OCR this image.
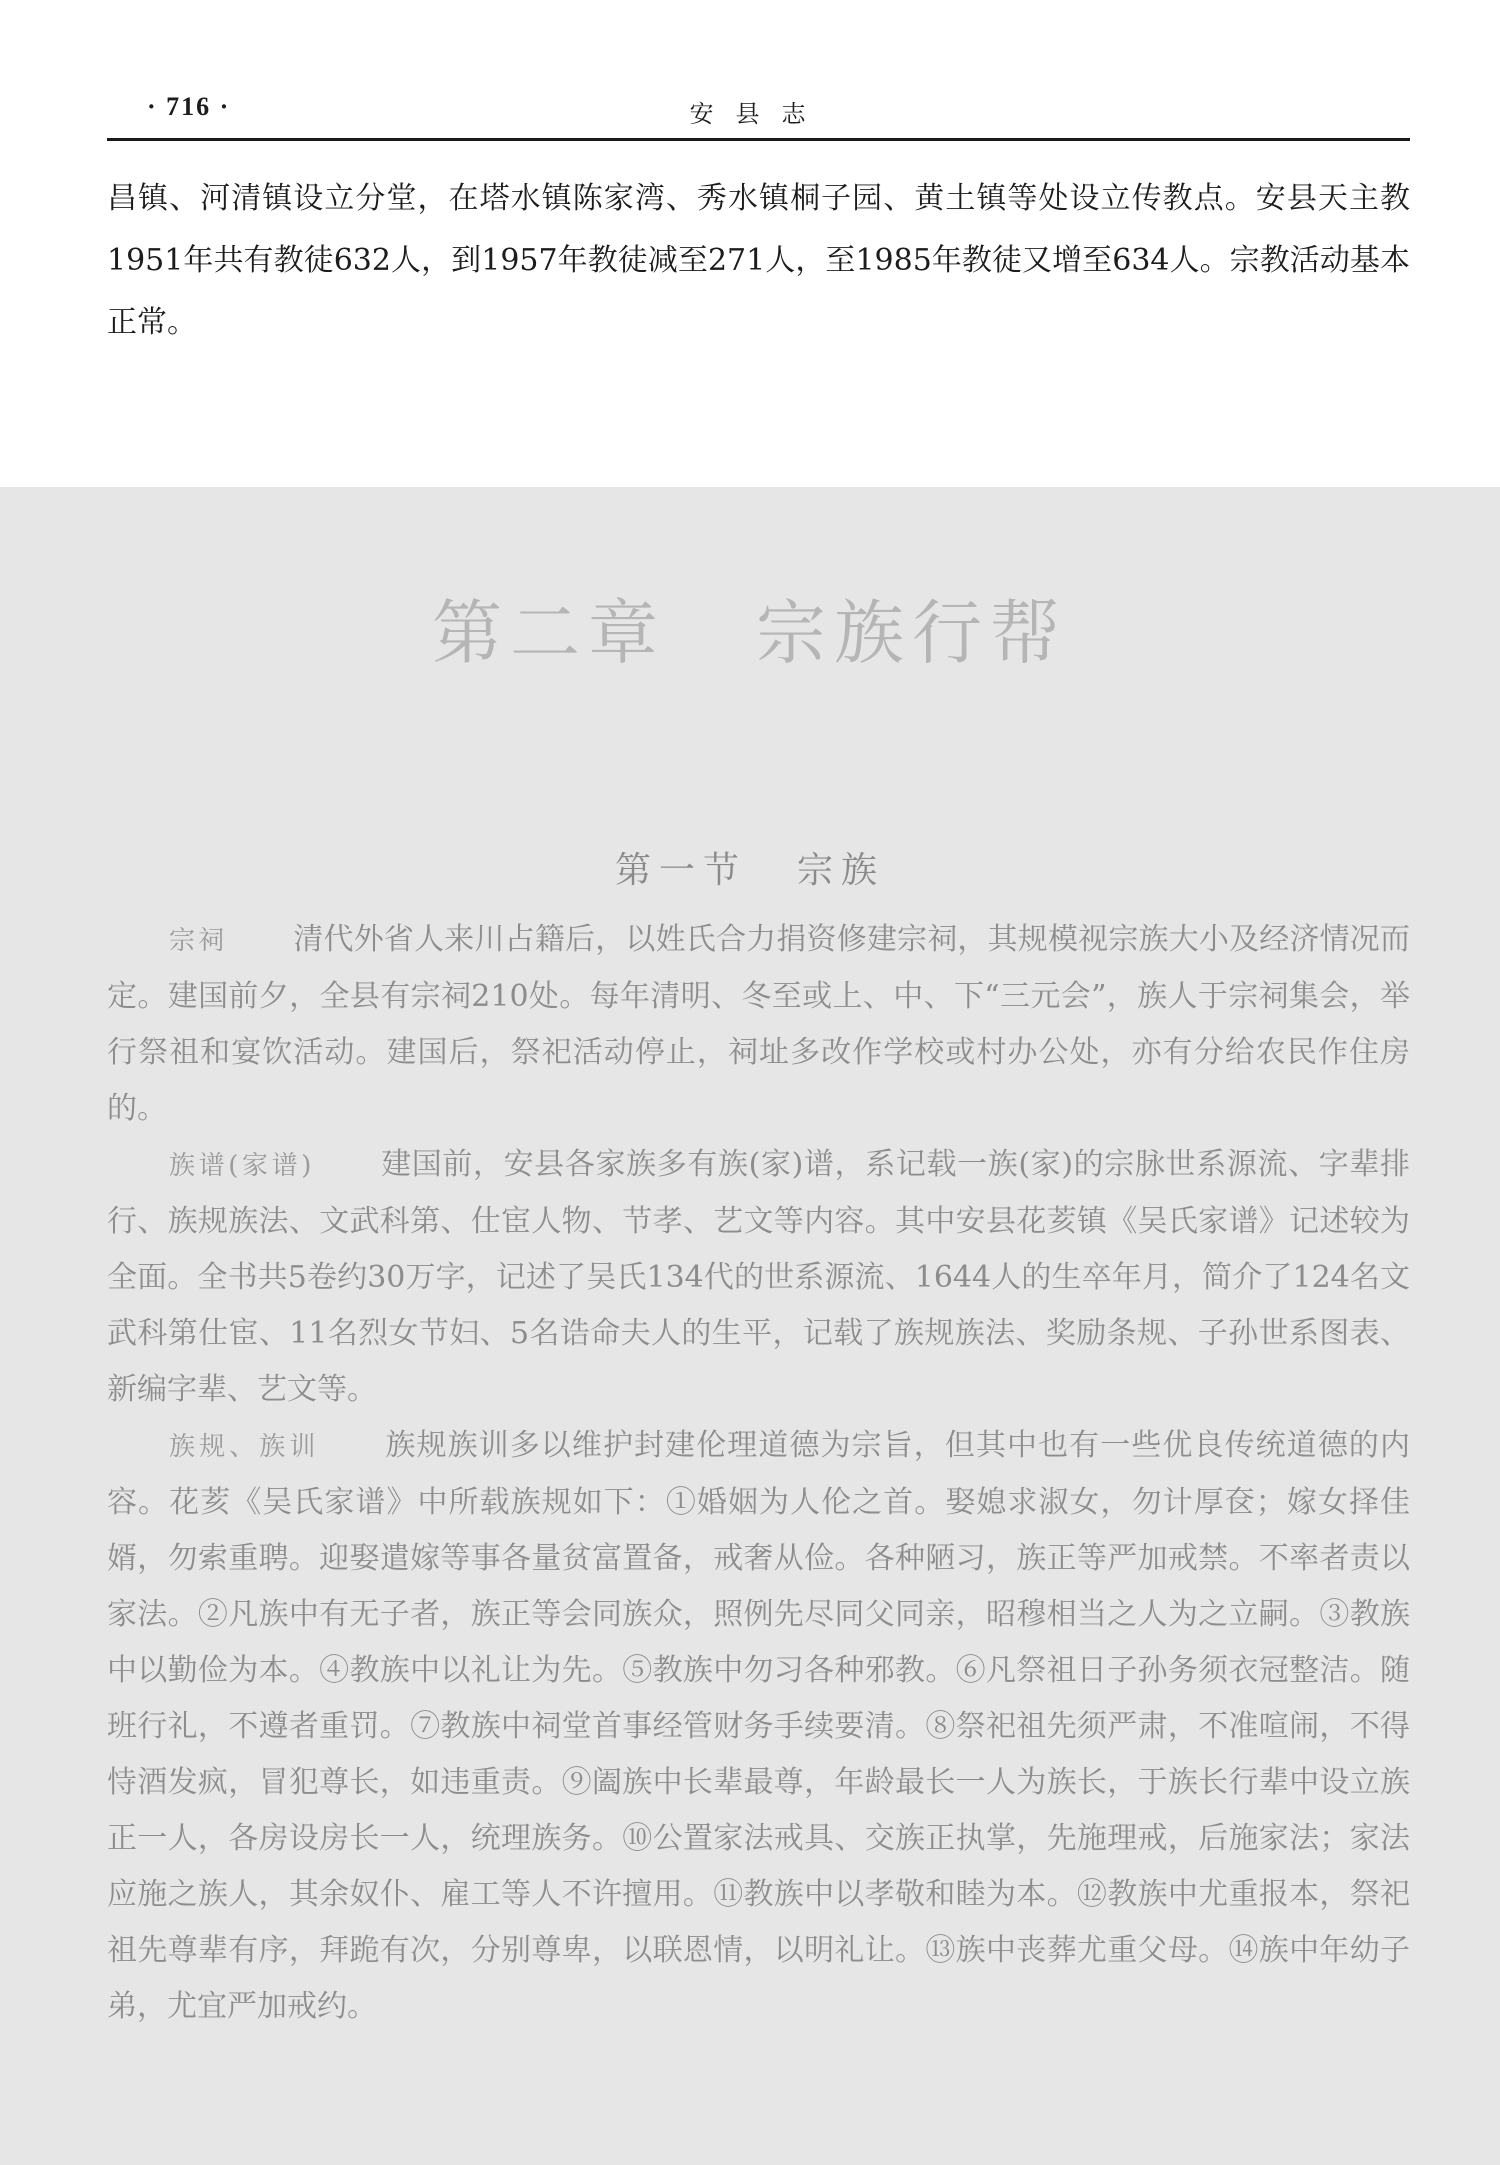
· 716 ·	安县志

昌镇、河清镇设立分堂，在塔水镇陈家湾、秀水镇桐子园、黄土镇等处设立传教点。安县天主教1951年共有教徒632人，到1957年教徒减至271人，至1985年教徒又增至634人。宗教活动基本正常。

第二章 宗族行帮
第一节 宗族

宗祠 清代外省人来川占籍后，以姓氏合力捐资修建宗祠，其规模视宗族大小及经济情况而定。建国前夕，全县有宗祠210处。每年清明、冬至或上、中、下“三元会”，族人于宗祠集会，举行祭祖和宴饮活动。建国后，祭祀活动停止，祠址多改作学校或村办公处，亦有分给农民作住房的。

族谱(家谱) 建国前，安县各家族多有族(家)谱，系记载一族(家)的宗脉世系源流、字辈排行、族规族法、文武科第、仕宦人物、节孝、艺文等内容。其中安县花荄镇《吴氏家谱》记述较为全面。全书共5卷约30万字，记述了吴氏134代的世系源流、1644人的生卒年月，简介了124名文武科第仕宦、11名烈女节妇、5名诰命夫人的生平，记载了族规族法、奖励条规、子孙世系图表、新编字辈、艺文等。

族规、族训 族规族训多以维护封建伦理道德为宗旨，但其中也有一些优良传统道德的内容。花荄《吴氏家谱》中所载族规如下：①婚姻为人伦之首。娶媳求淑女，勿计厚奁；嫁女择佳婿，勿索重聘。迎娶遣嫁等事各量贫富置备，戒奢从俭。各种陋习，族正等严加戒禁。不率者责以家法。②凡族中有无子者，族正等会同族众，照例先尽同父同亲，昭穆相当之人为之立嗣。③教族中以勤俭为本。④教族中以礼让为先。⑤教族中勿习各种邪教。⑥凡祭祖日子孙务须衣冠整洁。随班行礼，不遵者重罚。⑦教族中祠堂首事经管财务手续要清。⑧祭祀祖先须严肃，不准喧闹，不得恃酒发疯，冒犯尊长，如违重责。⑨阖族中长辈最尊，年龄最长一人为族长，于族长行辈中设立族正一人，各房设房长一人，统理族务。⑩公置家法戒具、交族正执掌，先施理戒，后施家法；家法应施之族人，其余奴仆、雇工等人不许擅用。⑪教族中以孝敬和睦为本。⑫教族中尤重报本，祭祀祖先尊辈有序，拜跪有次，分别尊卑，以联恩情，以明礼让。⑬族中丧葬尤重父母。⑭族中年幼子弟，尤宜严加戒约。
